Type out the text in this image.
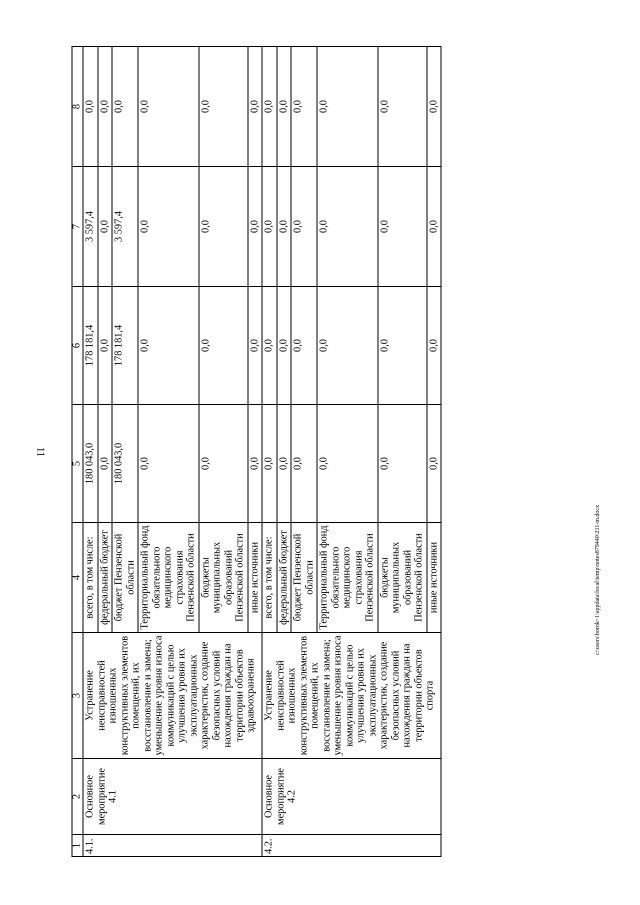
11
c:\users\borok~1\appdata\local\temp\notes879440\211-m.docx
1	2	3	4	5	6	7	8
4.1.	Основное мероприятие 4.1	Устранение неисправностей изношенных конструктивных элементов помещений, их восстановление и замена; уменьшение уровня износа коммуникаций с целью улучшения уровня их эксплуатационных характеристик, создание безопасных условий нахождения граждан на территории объектов здравоохранения	всего, в том числе:	180 043,0	178 181,4	3 597,4	0,0
			федеральный бюджет	0,0	0,0	0,0	0,0
			бюджет Пензенской области	180 043,0	178 181,4	3 597,4	0,0
			Территориальный фонд обязательного медицинского страхования Пензенской области	0,0	0,0	0,0	0,0
			бюджеты муниципальных образований Пензенской области	0,0	0,0	0,0	0,0
			иные источники	0,0	0,0	0,0	0,0
4.2.	Основное мероприятие 4.2	Устранение неисправностей изношенных конструктивных элементов помещений, их восстановление и замена; уменьшение уровня износа коммуникаций с целью улучшения уровня их эксплуатационных характеристик, создание безопасных условий нахождения граждан на территории объектов спорта	всего, в том числе:	0,0	0,0	0,0	0,0
			федеральный бюджет	0,0	0,0	0,0	0,0
			бюджет Пензенской области	0,0	0,0	0,0	0,0
			Территориальный фонд обязательного медицинского страхования Пензенской области	0,0	0,0	0,0	0,0
			бюджеты муниципальных образований Пензенской области	0,0	0,0	0,0	0,0
			иные источники	0,0	0,0	0,0	0,0
